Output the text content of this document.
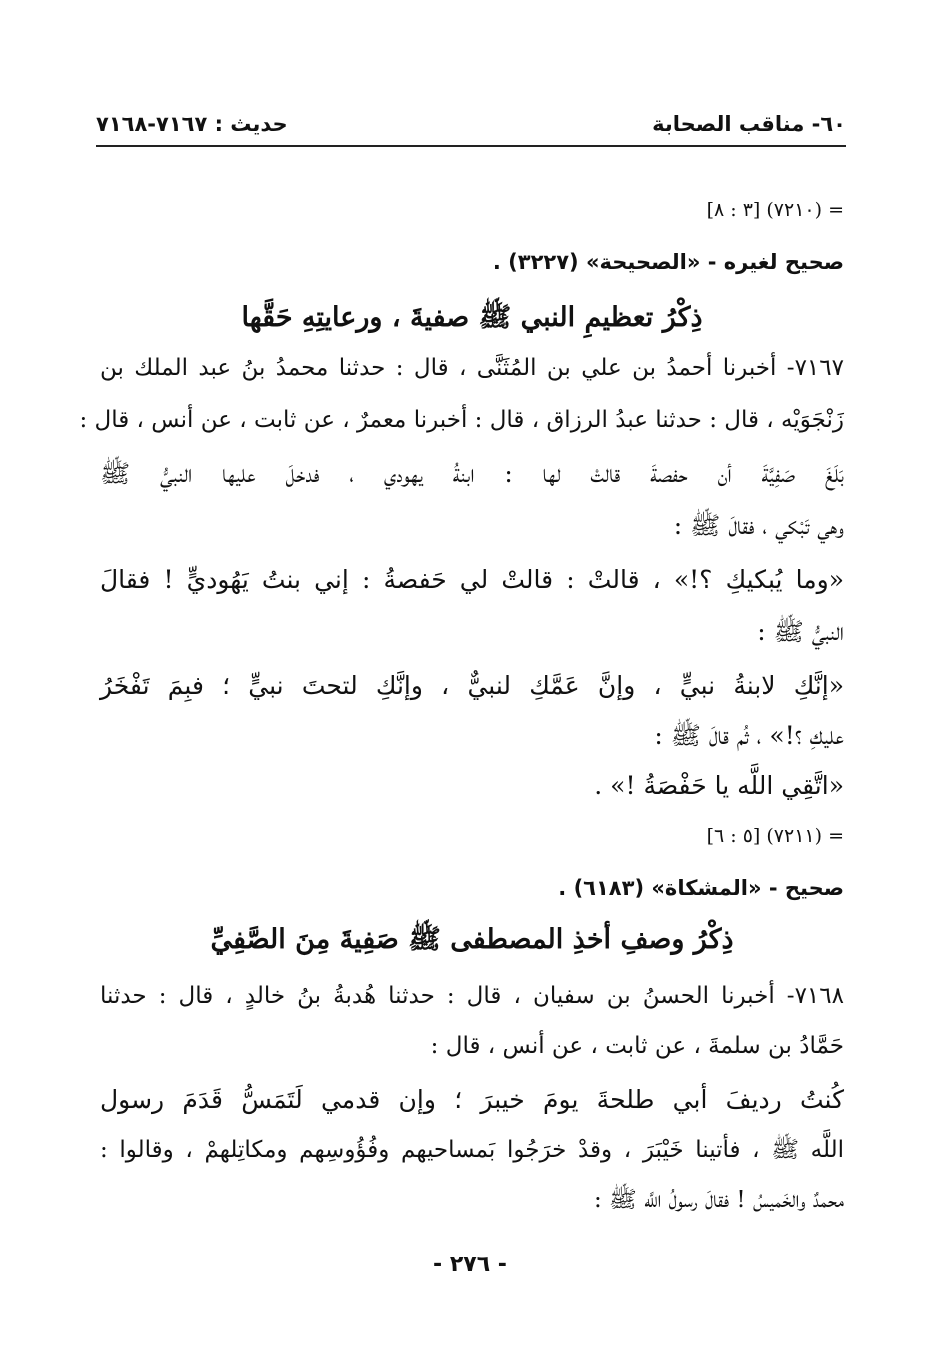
٦٠- مناقب الصحابة
حديث : ٧١٦٧-٧١٦٨
= (٧٢١٠) [٣ : ٨]
صحيح لغيره - «الصحيحة» (٣٢٢٧) .
ذِكْرُ تعظيمِ النبي ﷺ صفيةَ ، ورعايتِهِ حَقَّها
٧١٦٧- أخبرنا أحمدُ بن علي بن المُثَنَّى ، قال : حدثنا محمدُ بنُ عبد الملك بن
زَنْجَوَيْه ، قال : حدثنا عبدُ الرزاق ، قال : أخبرنا معمرٌ ، عن ثابت ، عن أنس ، قال :
بَلَغَ صَفِيَّةَ أن حفصةَ قالتْ لها : ابنةُ يهودي ، فدخلَ عليها النبيُّ ﷺ
وهي تَبْكي ، فقالَ ﷺ :
«وما يُبكيكِ ؟!» ، قالتْ : قالتْ لي حَفصةُ : إني بنتُ يَهُوديٍّ ! فقالَ
النبيُّ ﷺ :
«إنَّكِ لابنةُ نبيٍّ ، وإنَّ عَمَّكِ لنبيٌّ ، وإنَّكِ لتحتَ نبيٍّ ؛ فبِمَ تَفْخَرُ
عليكِ ؟!» ، ثُم قالَ ﷺ :
«اتَّقِي اللَّه يا حَفْصَةُ !» .
= (٧٢١١) [٥ : ٦]
صحيح - «المشكاة» (٦١٨٣) .
ذِكْرُ وصفِ أخذِ المصطفى ﷺ صَفِيةَ مِنَ الصَّفِيِّ
٧١٦٨- أخبرنا الحسنُ بن سفيان ، قال : حدثنا هُدبةُ بنُ خالدٍ ، قال : حدثنا
حَمَّادُ بن سلمةَ ، عن ثابت ، عن أنس ، قال :
كُنتُ رديفَ أبي طلحةَ يومَ خيبرَ ؛ وإن قدمي لَتَمَسُّ قَدَمَ رسول
اللَّه ﷺ ، فأتينا خَيْبَرَ ، وقدْ خرَجُوا بَمساحيهم وفُؤُوسِهم ومكاتِلهمْ ، وقالوا :
محمدٌ والخَميسُ ! فقالَ رسولُ اللَّه ﷺ :
- ٢٧٦ -
